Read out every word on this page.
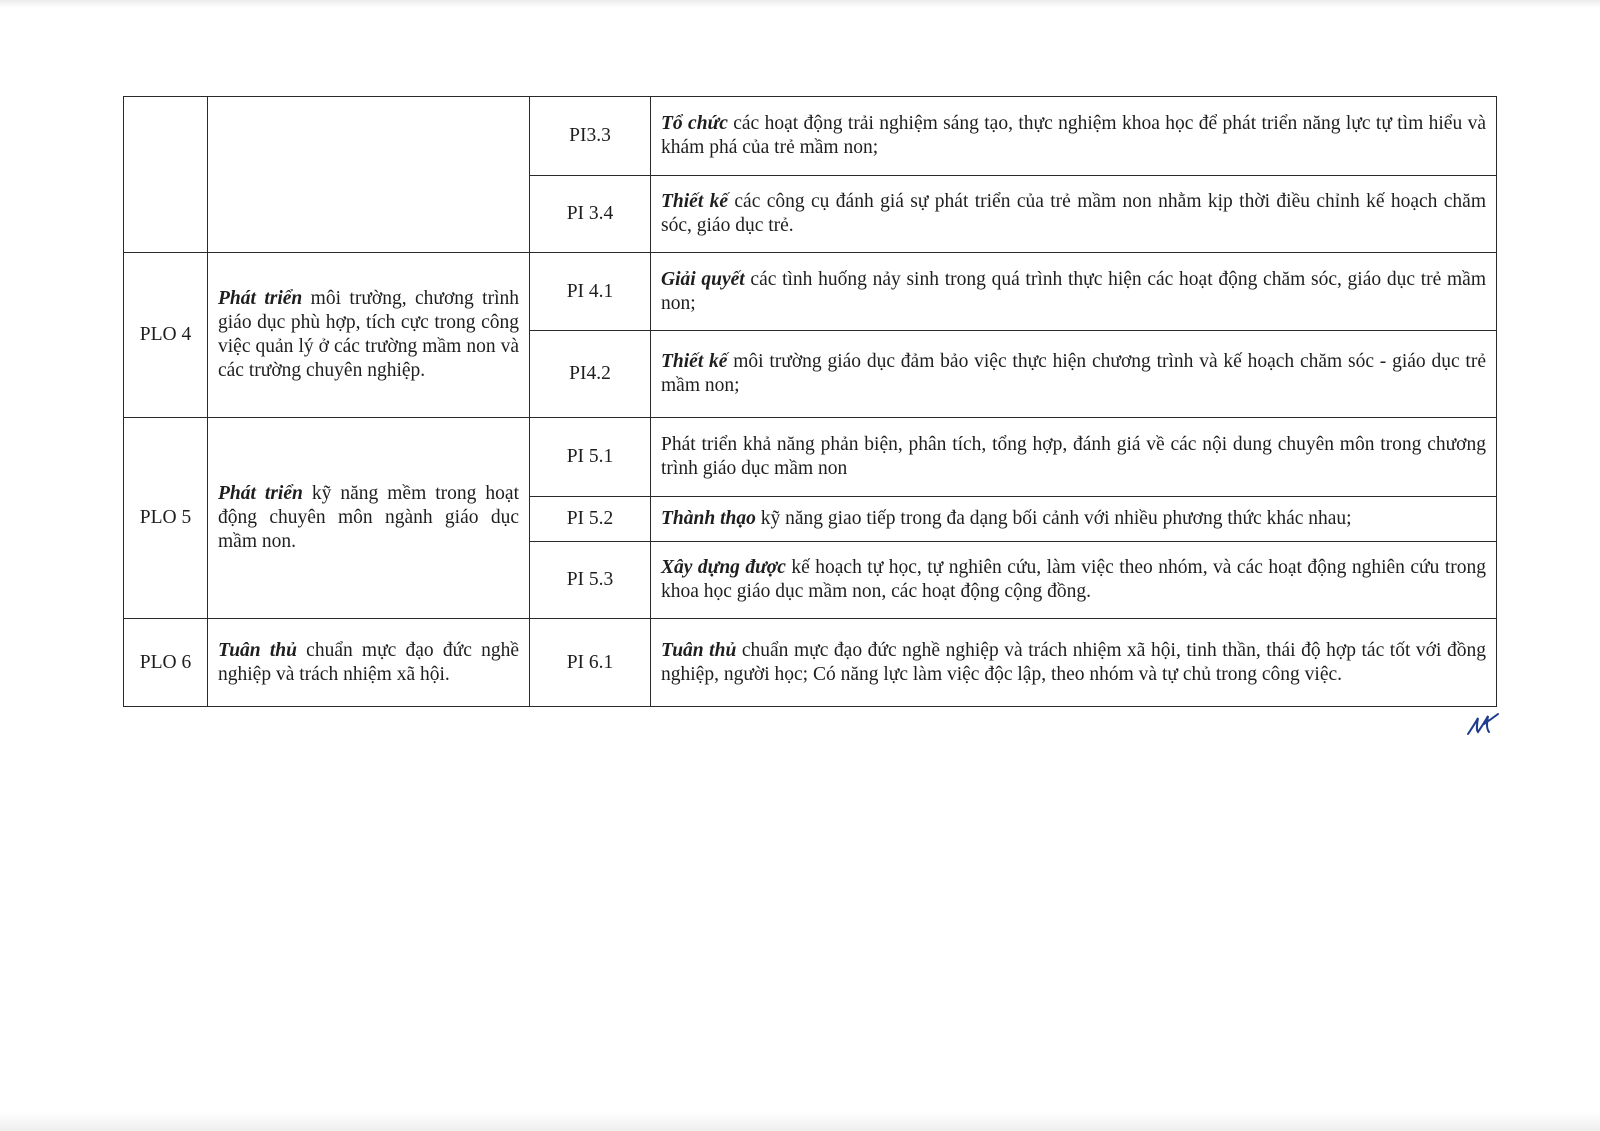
		PI3.3	Tổ chức các hoạt động trải nghiệm sáng tạo, thực nghiệm khoa học để phát triển năng lực tự tìm hiểu và khám phá của trẻ mầm non;
		PI 3.4	Thiết kế các công cụ đánh giá sự phát triển của trẻ mầm non nhằm kịp thời điều chỉnh kế hoạch chăm sóc, giáo dục trẻ.
PLO 4	Phát triển môi trường, chương trình giáo dục phù hợp, tích cực trong công việc quản lý ở các trường mầm non và các trường chuyên nghiệp.	PI 4.1	Giải quyết các tình huống nảy sinh trong quá trình thực hiện các hoạt động chăm sóc, giáo dục trẻ mầm non;
		PI4.2	Thiết kế môi trường giáo dục đảm bảo việc thực hiện chương trình và kế hoạch chăm sóc - giáo dục trẻ mầm non;
PLO 5	Phát triển kỹ năng mềm trong hoạt động chuyên môn ngành giáo dục mầm non.	PI 5.1	Phát triển khả năng phản biện, phân tích, tổng hợp, đánh giá về các nội dung chuyên môn trong chương trình giáo dục mầm non
		PI 5.2	Thành thạo kỹ năng giao tiếp trong đa dạng bối cảnh với nhiều phương thức khác nhau;
		PI 5.3	Xây dựng được kế hoạch tự học, tự nghiên cứu, làm việc theo nhóm, và các hoạt động nghiên cứu trong khoa học giáo dục mầm non, các hoạt động cộng đồng.
PLO 6	Tuân thủ chuẩn mực đạo đức nghề nghiệp và trách nhiệm xã hội.	PI 6.1	Tuân thủ chuẩn mực đạo đức nghề nghiệp và trách nhiệm xã hội, tinh thần, thái độ hợp tác tốt với đồng nghiệp, người học; Có năng lực làm việc độc lập, theo nhóm và tự chủ trong công việc.
